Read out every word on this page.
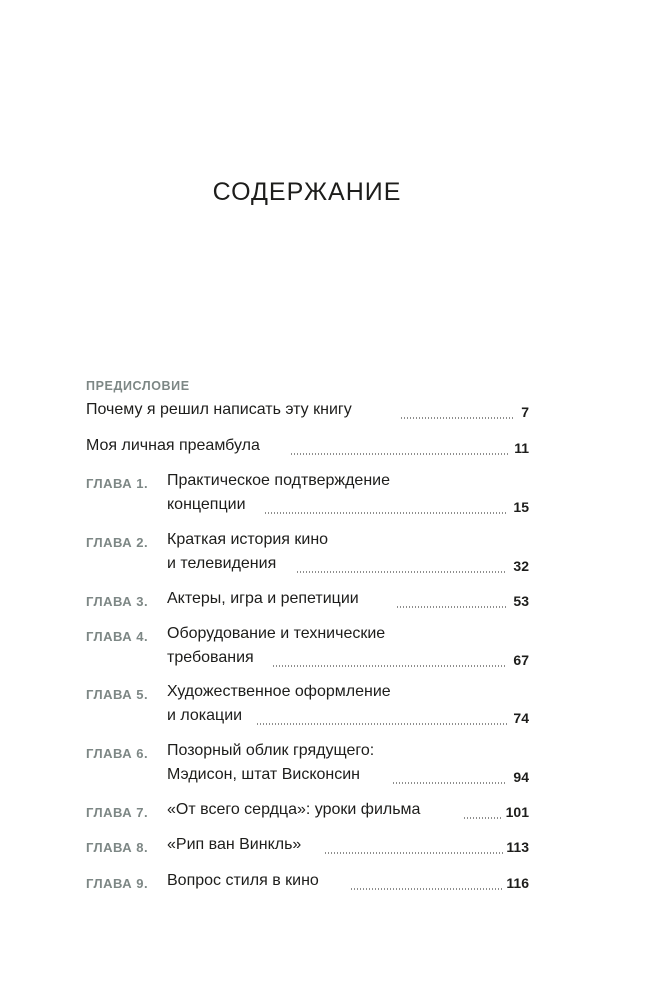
СОДЕРЖАНИЕ
ПРЕДИСЛОВИЕ
Почему я решил написать эту книгу	7
Моя личная преамбула	11
ГЛАВА 1. Практическое подтверждение
концепции	15
ГЛАВА 2. Краткая история кино
и телевидения	32
ГЛАВА 3. Актеры, игра и репетиции	53
ГЛАВА 4. Оборудование и технические
требования	67
ГЛАВА 5. Художественное оформление
и локации	74
ГЛАВА 6. Позорный облик грядущего:
Мэдисон, штат Висконсин	94
ГЛАВА 7. «От всего сердца»: уроки фильма	101
ГЛАВА 8. «Рип ван Винкль»	113
ГЛАВА 9. Вопрос стиля в кино	116
